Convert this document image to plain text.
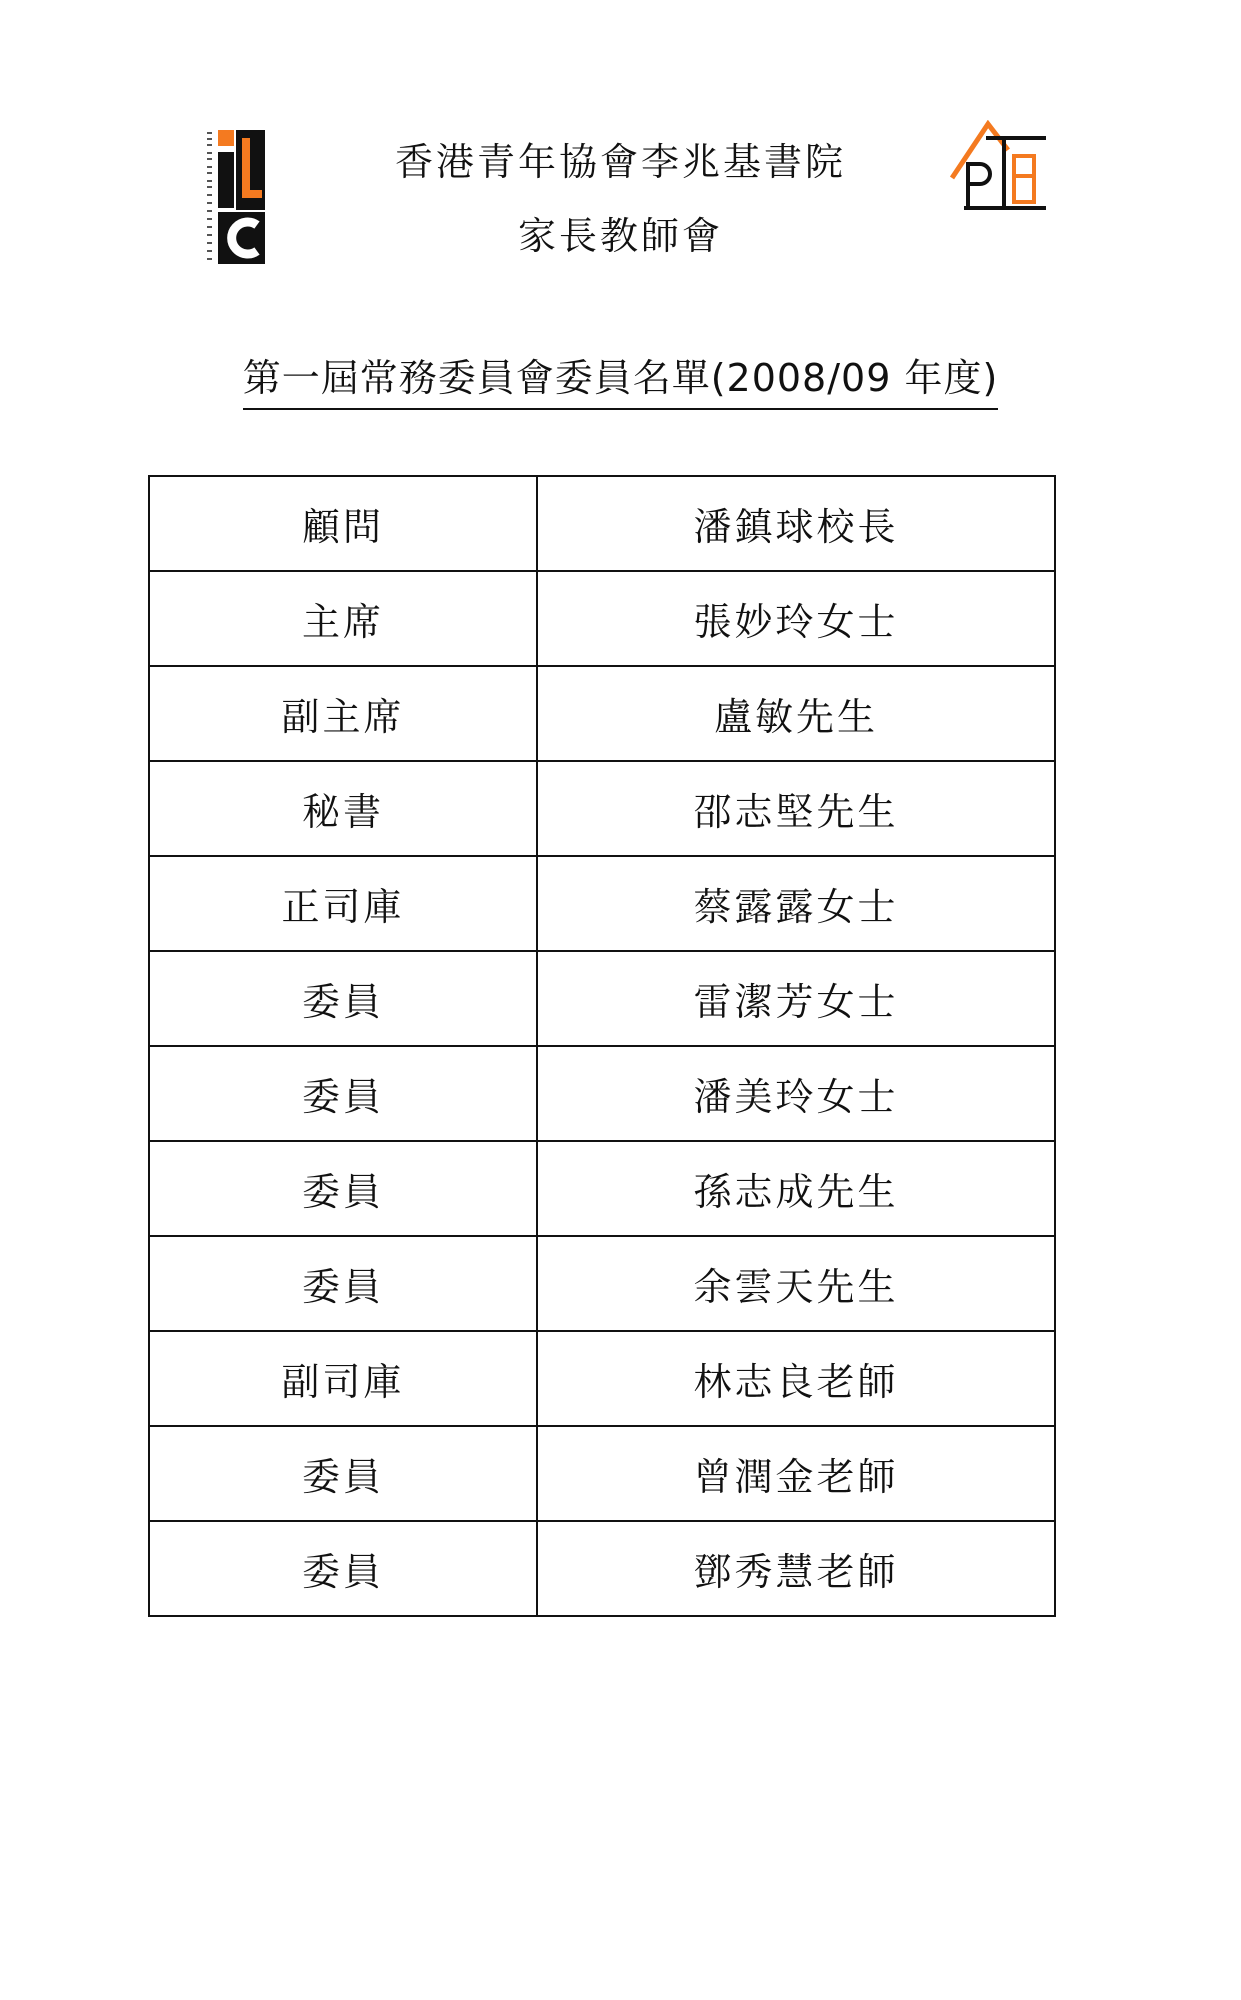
香港青年協會李兆基書院
家長教師會
第一屆常務委員會委員名單(2008/09 年度)
顧問	潘鎮球校長
主席	張妙玲女士
副主席	盧敏先生
秘書	邵志堅先生
正司庫	蔡露露女士
委員	雷潔芳女士
委員	潘美玲女士
委員	孫志成先生
委員	余雲天先生
副司庫	林志良老師
委員	曾潤金老師
委員	鄧秀慧老師
